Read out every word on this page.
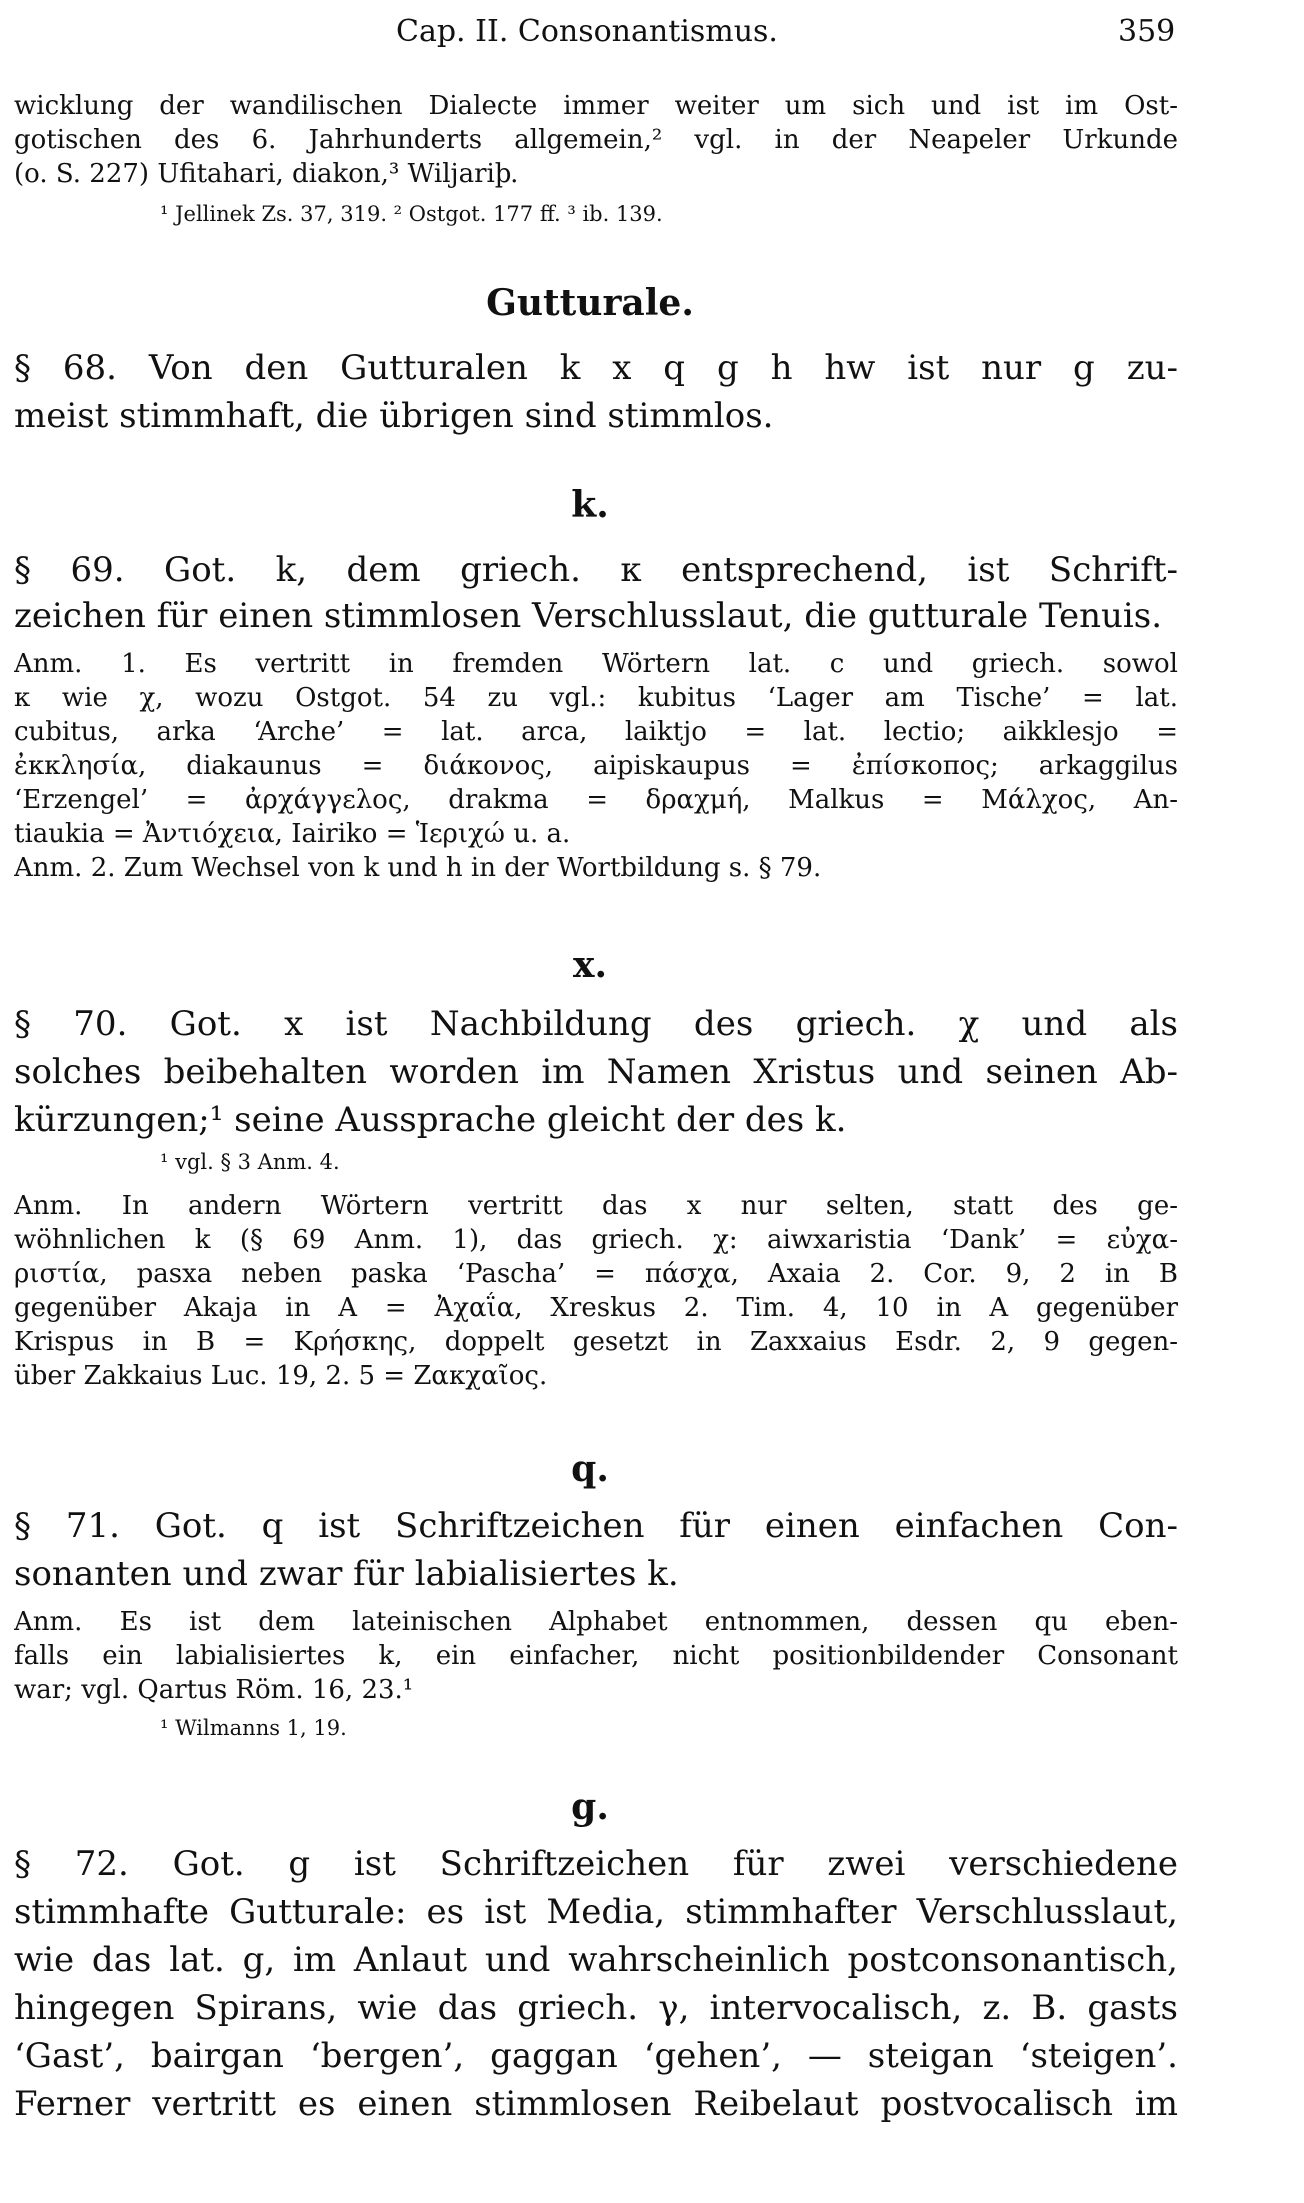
Cap. II. Consonantismus.	359
wicklung der wandilischen Dialecte immer weiter um sich und ist im Ost-
gotischen des 6. Jahrhunderts allgemein,² vgl. in der Neapeler Urkunde
(o. S. 227) Ufitahari, diakon,³ Wiljariþ.
¹ Jellinek Zs. 37, 319. ² Ostgot. 177 ff. ³ ib. 139.
Gutturale.
§ 68. Von den Gutturalen k x q g h hw ist nur g zu-
meist stimmhaft, die übrigen sind stimmlos.
k.
§ 69. Got. k, dem griech. κ entsprechend, ist Schrift-
zeichen für einen stimmlosen Verschlusslaut, die gutturale Tenuis.
Anm. 1. Es vertritt in fremden Wörtern lat. c und griech. sowol
κ wie χ, wozu Ostgot. 54 zu vgl.: kubitus ‘Lager am Tische’ = lat.
cubitus, arka ‘Arche’ = lat. arca, laiktjo = lat. lectio; aikklesjo =
ἐκκλησία, diakaunus = διάκονος, aipiskaupus = ἐπίσκοπος; arkaggilus
‘Erzengel’ = ἀρχάγγελος, drakma = δραχμή, Malkus = Μάλχος, An-
tiaukia = Ἀντιόχεια, Iairiko = Ἱεριχώ u. a.
Anm. 2. Zum Wechsel von k und h in der Wortbildung s. § 79.
x.
§ 70. Got. x ist Nachbildung des griech. χ und als
solches beibehalten worden im Namen Xristus und seinen Ab-
kürzungen;¹ seine Aussprache gleicht der des k.
¹ vgl. § 3 Anm. 4.
Anm. In andern Wörtern vertritt das x nur selten, statt des ge-
wöhnlichen k (§ 69 Anm. 1), das griech. χ: aiwxaristia ‘Dank’ = εὐχα-
ριστία, pasxa neben paska ‘Pascha’ = πάσχα, Axaia 2. Cor. 9, 2 in B
gegenüber Akaja in A = Ἀχαΐα, Xreskus 2. Tim. 4, 10 in A gegenüber
Krispus in B = Κρήσκης, doppelt gesetzt in Zaxxaius Esdr. 2, 9 gegen-
über Zakkaius Luc. 19, 2. 5 = Ζακχαῖος.
q.
§ 71. Got. q ist Schriftzeichen für einen einfachen Con-
sonanten und zwar für labialisiertes k.
Anm. Es ist dem lateinischen Alphabet entnommen, dessen qu eben-
falls ein labialisiertes k, ein einfacher, nicht positionbildender Consonant
war; vgl. Qartus Röm. 16, 23.¹
¹ Wilmanns 1, 19.
g.
§ 72. Got. g ist Schriftzeichen für zwei verschiedene
stimmhafte Gutturale: es ist Media, stimmhafter Verschlusslaut,
wie das lat. g, im Anlaut und wahrscheinlich postconsonantisch,
hingegen Spirans, wie das griech. γ, intervocalisch, z. B. gasts
‘Gast’, bairgan ‘bergen’, gaggan ‘gehen’, — steigan ‘steigen’.
Ferner vertritt es einen stimmlosen Reibelaut postvocalisch im
